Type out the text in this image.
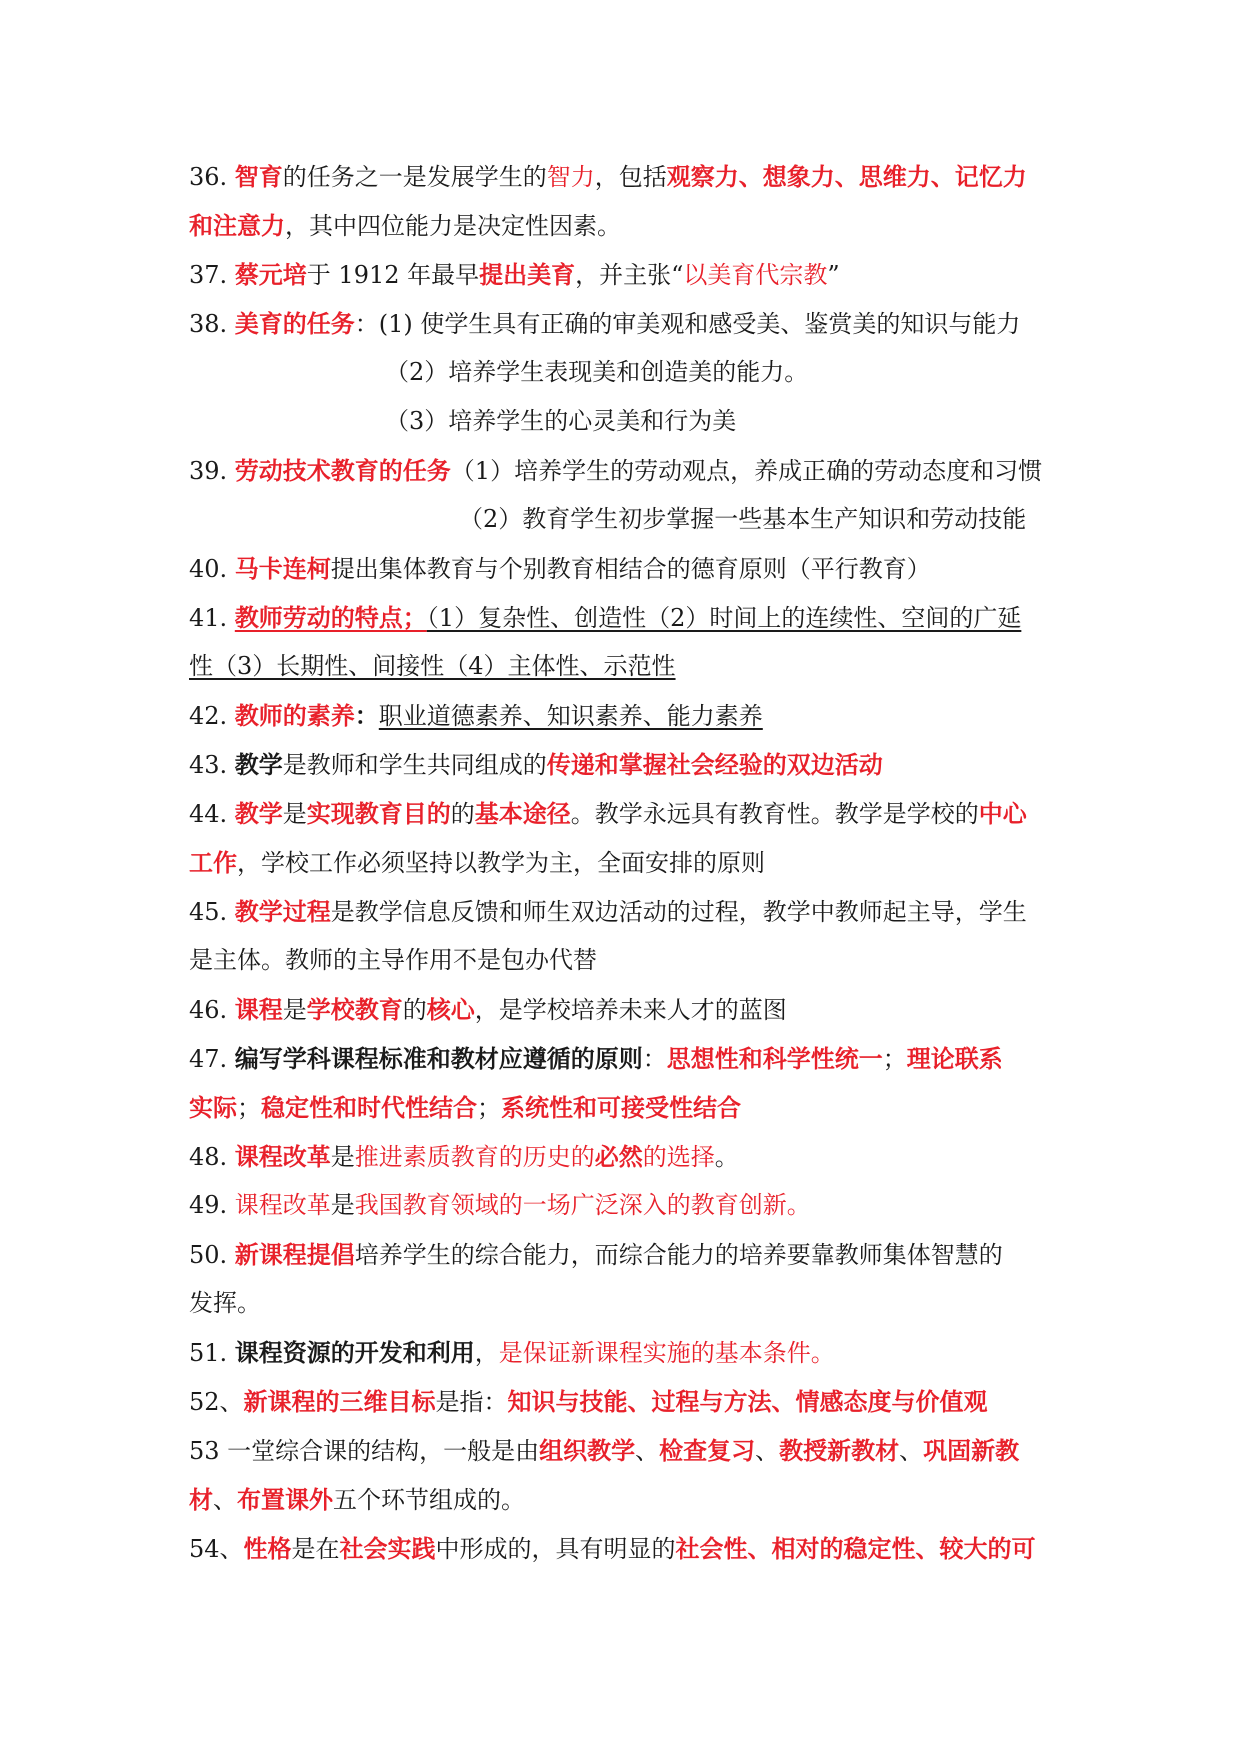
36. 智育的任务之一是发展学生的智力，包括观察力、想象力、思维力、记忆力
和注意力，其中四位能力是决定性因素。
37. 蔡元培于 1912 年最早提出美育，并主张“以美育代宗教”
38. 美育的任务：(1) 使学生具有正确的审美观和感受美、鉴赏美的知识与能力
（2）培养学生表现美和创造美的能力。
（3）培养学生的心灵美和行为美
39. 劳动技术教育的任务（1）培养学生的劳动观点，养成正确的劳动态度和习惯
（2）教育学生初步掌握一些基本生产知识和劳动技能
40. 马卡连柯提出集体教育与个别教育相结合的德育原则（平行教育）
41. 教师劳动的特点；（1）复杂性、创造性（2）时间上的连续性、空间的广延
性（3）长期性、间接性（4）主体性、示范性
42. 教师的素养：职业道德素养、知识素养、能力素养
43. 教学是教师和学生共同组成的传递和掌握社会经验的双边活动
44. 教学是实现教育目的的基本途径。教学永远具有教育性。教学是学校的中心
工作，学校工作必须坚持以教学为主，全面安排的原则
45. 教学过程是教学信息反馈和师生双边活动的过程，教学中教师起主导，学生
是主体。教师的主导作用不是包办代替
46. 课程是学校教育的核心，是学校培养未来人才的蓝图
47. 编写学科课程标准和教材应遵循的原则：思想性和科学性统一；理论联系
实际；稳定性和时代性结合；系统性和可接受性结合
48. 课程改革是推进素质教育的历史的必然的选择。
49. 课程改革是我国教育领域的一场广泛深入的教育创新。
50. 新课程提倡培养学生的综合能力，而综合能力的培养要靠教师集体智慧的
发挥。
51. 课程资源的开发和利用，是保证新课程实施的基本条件。
52、新课程的三维目标是指：知识与技能、过程与方法、情感态度与价值观
53 一堂综合课的结构，一般是由组织教学、检查复习、教授新教材、巩固新教
材、布置课外五个环节组成的。
54、性格是在社会实践中形成的，具有明显的社会性、相对的稳定性、较大的可
